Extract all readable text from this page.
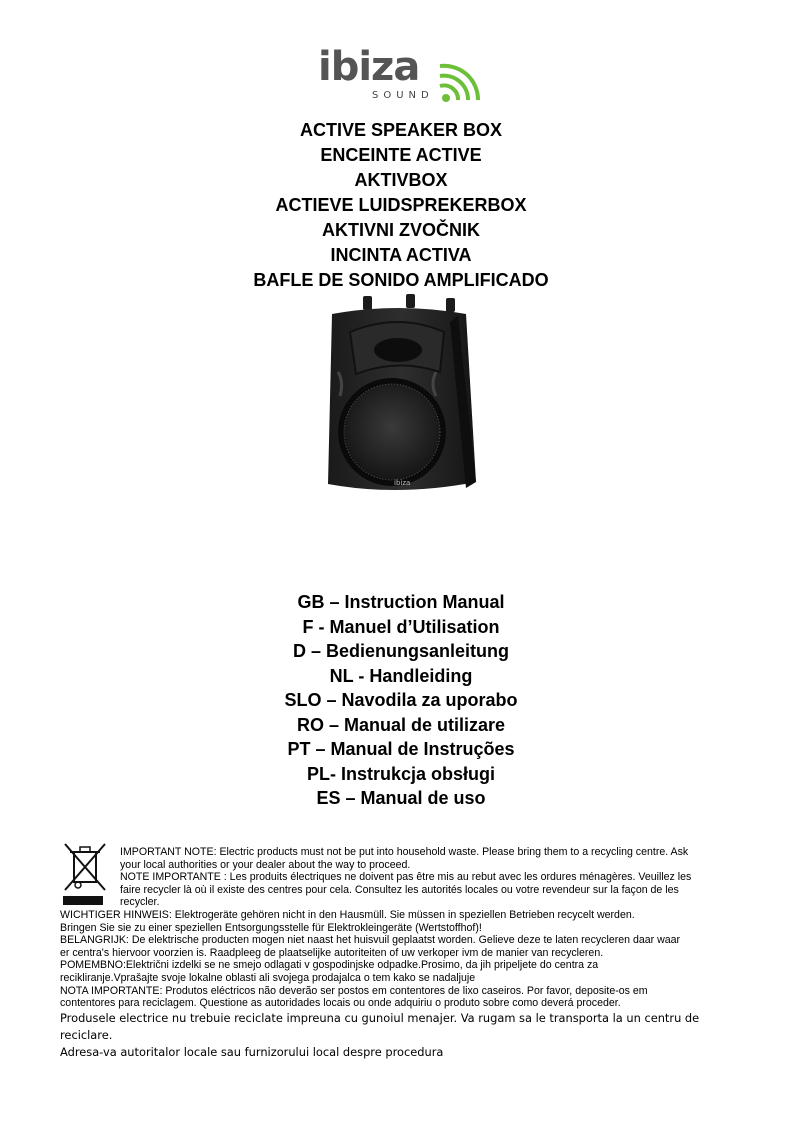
ibiza
SOUND
ACTIVE SPEAKER BOX
ENCEINTE ACTIVE
AKTIVBOX
ACTIEVE LUIDSPREKERBOX
AKTIVNI ZVOČNIK
INCINTA ACTIVA
BAFLE DE SONIDO AMPLIFICADO
ibiza
GB – Instruction Manual
F - Manuel d’Utilisation
D – Bedienungsanleitung
NL - Handleiding
SLO – Navodila za uporabo
RO – Manual de utilizare
PT – Manual de Instruções
PL- Instrukcja obsługi
ES – Manual de uso
IMPORTANT NOTE: Electric products must not be put into household waste. Please bring them to a recycling centre. Ask
your local authorities or your dealer about the way to proceed.
NOTE IMPORTANTE : Les produits électriques ne doivent pas être mis au rebut avec les ordures ménagères. Veuillez les
faire recycler là où il existe des centres pour cela. Consultez les autorités locales ou votre revendeur sur la façon de les
recycler.
WICHTIGER HINWEIS: Elektrogeräte gehören nicht in den Hausmüll. Sie müssen in speziellen Betrieben recycelt werden.
Bringen Sie sie zu einer speziellen Entsorgungsstelle für Elektrokleingeräte (Wertstoffhof)!
BELANGRIJK: De elektrische producten mogen niet naast het huisvuil geplaatst worden. Gelieve deze te laten recycleren daar waar
er centra's hiervoor voorzien is. Raadpleeg de plaatselijke autoriteiten of uw verkoper ivm de manier van recycleren.
POMEMBNO:Električni izdelki se ne smejo odlagati v gospodinjske odpadke.Prosimo, da jih pripeljete do centra za
recikliranje.Vprašajte svoje lokalne oblasti ali svojega prodajalca o tem kako se nadaljuje
NOTA IMPORTANTE: Produtos eléctricos não deverão ser postos em contentores de lixo caseiros. Por favor, deposite-os em
contentores para reciclagem. Questione as autoridades locais ou onde adquiriu o produto sobre como deverá proceder.
Produsele electrice nu trebuie reciclate impreuna cu gunoiul menajer. Va rugam sa le transporta la un centru de reciclare.
Adresa-va autoritalor locale sau furnizorului local despre procedura
